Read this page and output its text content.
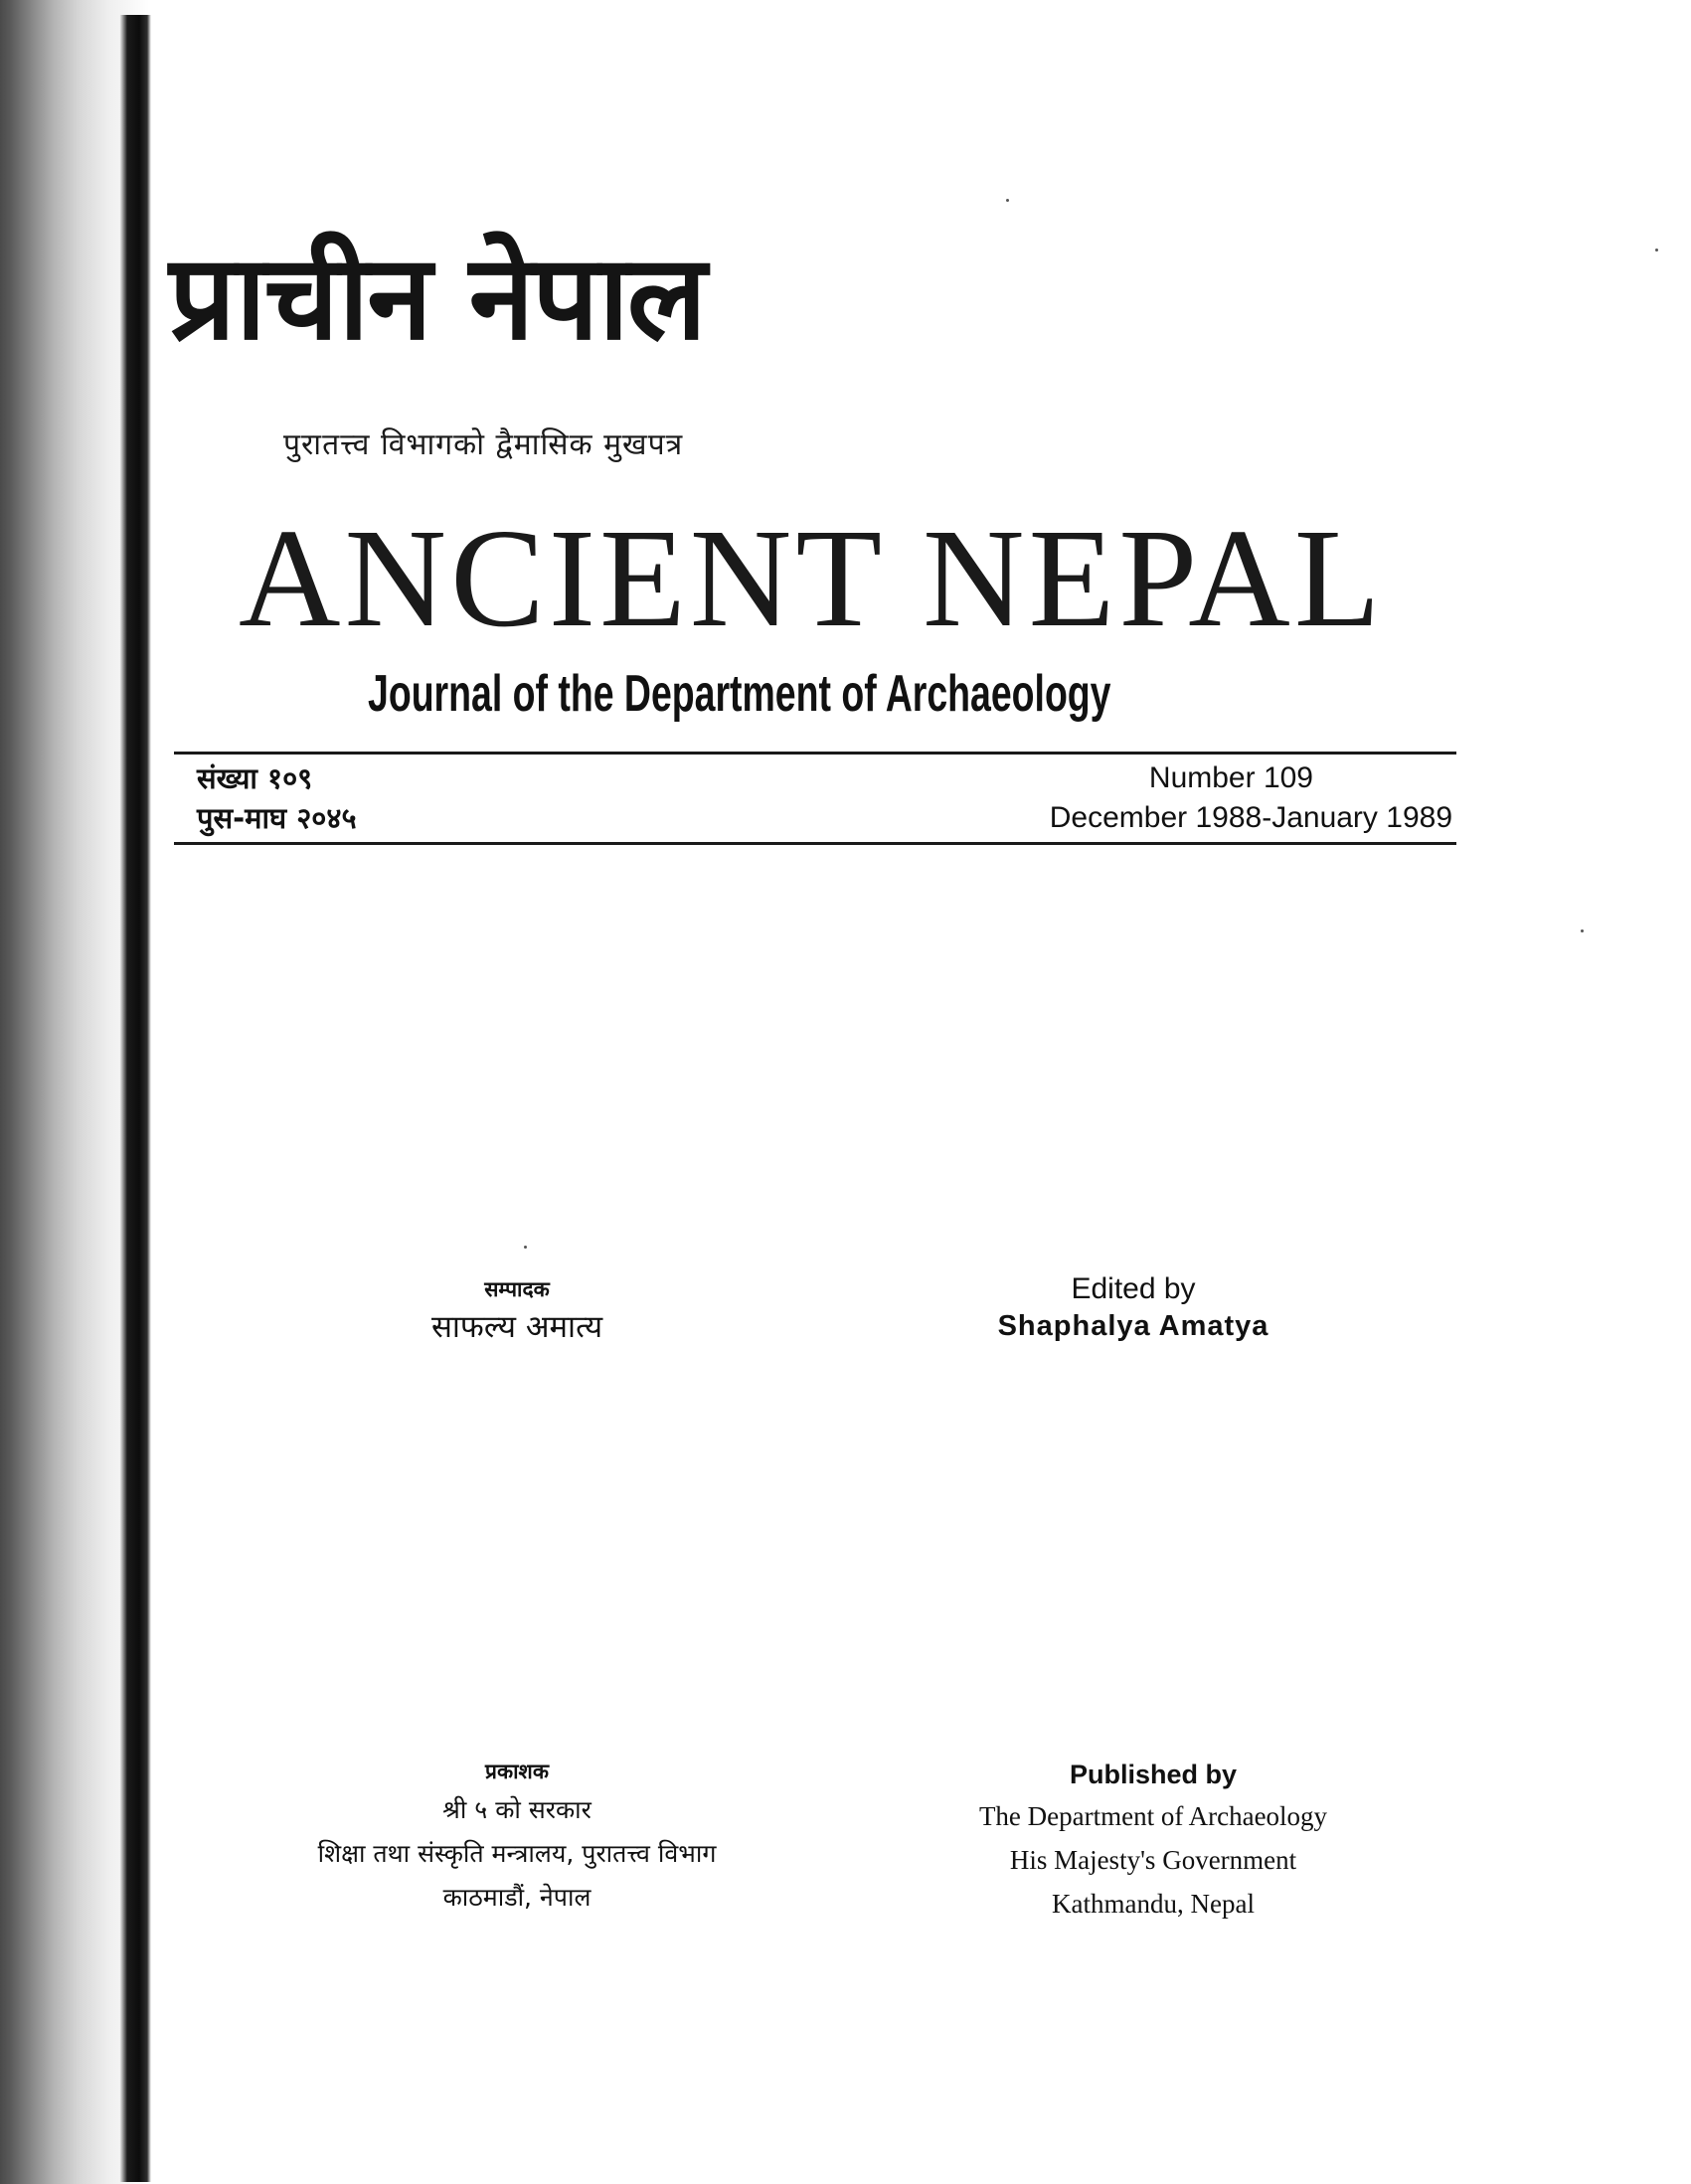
प्राचीन नेपाल
पुरातत्त्व विभागको द्वैमासिक मुखपत्र
ANCIENT NEPAL
Journal of the Department of Archaeology
संख्या १०९
पुस-माघ २०४५
Number 109
December 1988-January 1989
सम्पादक
साफल्य अमात्य
Edited by
Shaphalya Amatya
प्रकाशक
श्री ५ को सरकार
शिक्षा तथा संस्कृति मन्त्रालय, पुरातत्त्व विभाग
काठमाडौं, नेपाल
Published by
The Department of Archaeology
His Majesty's Government
Kathmandu, Nepal
